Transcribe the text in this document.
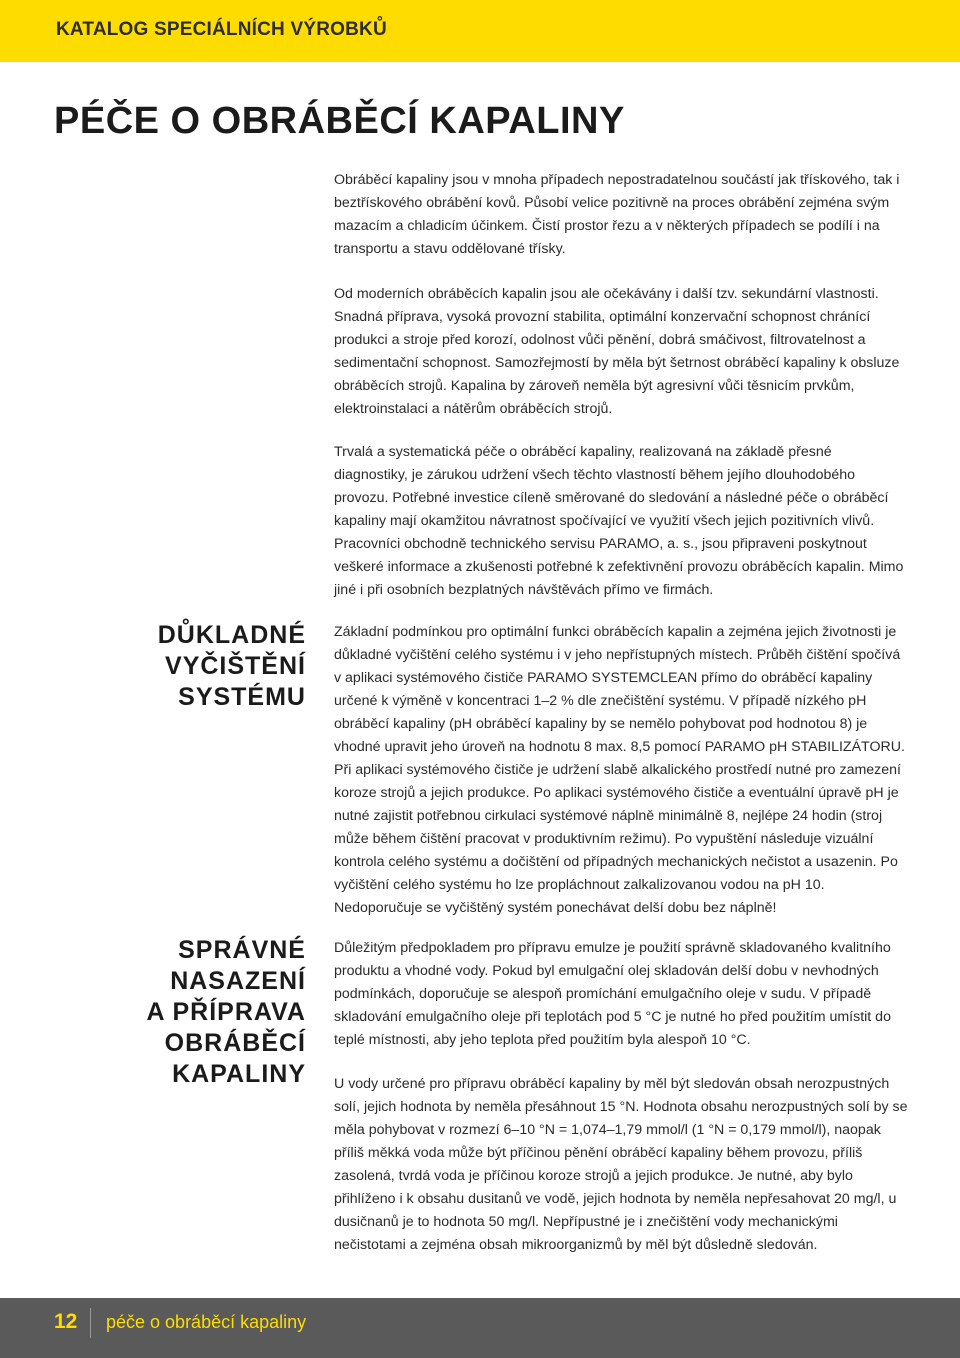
KATALOG SPECIÁLNÍCH VÝROBKŮ
PÉČE O OBRÁBĚCÍ KAPALINY

Obráběcí kapaliny jsou v mnoha případech nepostradatelnou součástí jak třískového, tak i beztřískového obrábění kovů. Působí velice pozitivně na proces obrábění zejména svým mazacím a chladicím účinkem. Čistí prostor řezu a v některých případech se podílí i na transportu a stavu oddělované třísky.

Od moderních obráběcích kapalin jsou ale očekávány i další tzv. sekundární vlastnosti. Snadná příprava, vysoká provozní stabilita, optimální konzervační schopnost chránící produkci a stroje před korozí, odolnost vůči pěnění, dobrá smáčivost, filtrovatelnost a sedimentační schopnost. Samozřejmostí by měla být šetrnost obráběcí kapaliny k obsluze obráběcích strojů. Kapalina by zároveň neměla být agresivní vůči těsnicím prvkům, elektroinstalaci a nátěrům obráběcích strojů.

Trvalá a systematická péče o obráběcí kapaliny, realizovaná na základě přesné diagnostiky, je zárukou udržení všech těchto vlastností během jejího dlouhodobého provozu. Potřebné investice cíleně směrované do sledování a následné péče o obráběcí kapaliny mají okamžitou návratnost spočívající ve využití všech jejich pozitivních vlivů. Pracovníci obchodně technického servisu PARAMO, a. s., jsou připraveni poskytnout veškeré informace a zkušenosti potřebné k zefektivnění provozu obráběcích kapalin. Mimo jiné i při osobních bezplatných návštěvách přímo ve firmách.

DŮKLADNÉ
VYČIŠTĚNÍ
SYSTÉMU

Základní podmínkou pro optimální funkci obráběcích kapalin a zejména jejich životnosti je důkladné vyčištění celého systému i v jeho nepřístupných místech. Průběh čištění spočívá v aplikaci systémového čističe PARAMO SYSTEMCLEAN přímo do obráběcí kapaliny určené k výměně v koncentraci 1–2 % dle znečištění systému. V případě nízkého pH obráběcí kapaliny (pH obráběcí kapaliny by se nemělo pohybovat pod hodnotou 8) je vhodné upravit jeho úroveň na hodnotu 8 max. 8,5 pomocí PARAMO pH STABILIZÁTORU. Při aplikaci systémového čističe je udržení slabě alkalického prostředí nutné pro zamezení koroze strojů a jejich produkce. Po aplikaci systémového čističe a eventuální úpravě pH je nutné zajistit potřebnou cirkulaci systémové náplně minimálně 8, nejlépe 24 hodin (stroj může během čištění pracovat v produktivním režimu). Po vypuštění následuje vizuální kontrola celého systému a dočištění od případných mechanických nečistot a usazenin. Po vyčištění celého systému ho lze propláchnout zalkalizovanou vodou na pH 10. Nedoporučuje se vyčištěný systém ponechávat delší dobu bez náplně!

SPRÁVNÉ
NASAZENÍ
A PŘÍPRAVA
OBRÁBĚCÍ
KAPALINY

Důležitým předpokladem pro přípravu emulze je použití správně skladovaného kvalitního produktu a vhodné vody. Pokud byl emulgační olej skladován delší dobu v nevhodných podmínkách, doporučuje se alespoň promíchání emulgačního oleje v sudu. V případě skladování emulgačního oleje při teplotách pod 5 °C je nutné ho před použitím umístit do teplé místnosti, aby jeho teplota před použitím byla alespoň 10 °C.

U vody určené pro přípravu obráběcí kapaliny by měl být sledován obsah nerozpustných solí, jejich hodnota by neměla přesáhnout 15 °N. Hodnota obsahu nerozpustných solí by se měla pohybovat v rozmezí 6–10 °N = 1,074–1,79 mmol/l (1 °N = 0,179 mmol/l), naopak příliš měkká voda může být příčinou pěnění obráběcí kapaliny během provozu, příliš zasolená, tvrdá voda je příčinou koroze strojů a jejich produkce. Je nutné, aby bylo přihlíženo i k obsahu dusitanů ve vodě, jejich hodnota by neměla nepřesahovat 20 mg/l, u dusičnanů je to hodnota 50 mg/l. Nepřípustné je i znečištění vody mechanickými nečistotami a zejména obsah mikroorganizmů by měl být důsledně sledován.

12 péče o obráběcí kapaliny
